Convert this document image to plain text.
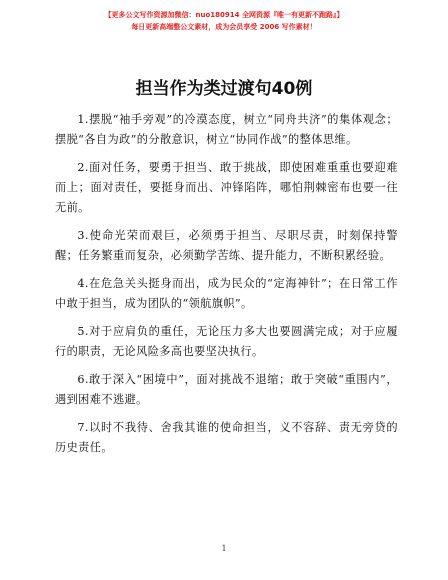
【更多公文写作资源加微信：nuo180914 全网资源『唯一有更新不跑路』】
每日更新高端整公文素材，成为会员享受 2006 写作素材！
担当作为类过渡句40例

1.摆脱“袖手旁观”的冷漠态度，树立“同舟共济”的集体观念；摆脱“各自为政”的分散意识，树立“协同作战”的整体思维。

2.面对任务，要勇于担当、敢于挑战，即使困难重重也要迎难而上；面对责任，要挺身而出、冲锋陷阵，哪怕荆棘密布也要一往无前。

3.使命光荣而艰巨，必须勇于担当、尽职尽责，时刻保持警醒；任务繁重而复杂，必须勤学苦练、提升能力，不断积累经验。

4.在危急关头挺身而出，成为民众的“定海神针”；在日常工作中敢于担当，成为团队的“领航旗帜”。

5.对于应肩负的重任，无论压力多大也要圆满完成；对于应履行的职责，无论风险多高也要坚决执行。

6.敢于深入“困境中”，面对挑战不退缩；敢于突破“重围内”，遇到困难不逃避。

7.以时不我待、舍我其谁的使命担当，义不容辞、责无旁贷的历史责任。

1
